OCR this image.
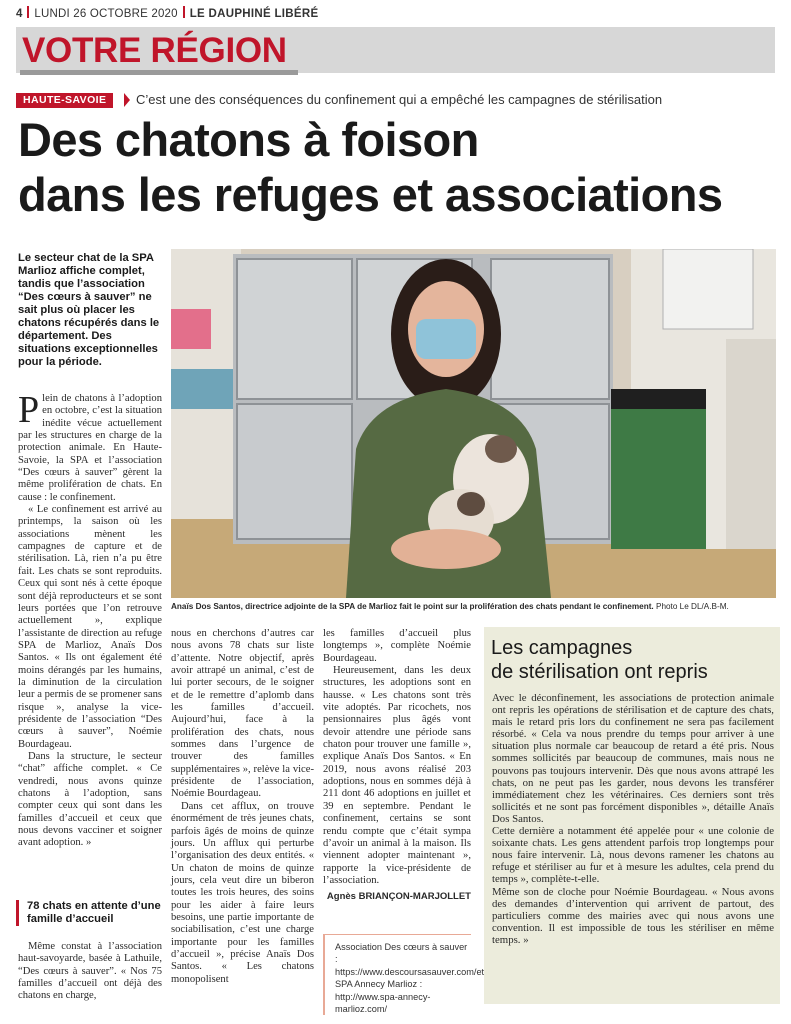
4 LUNDI 26 OCTOBRE 2020 LE DAUPHINÉ LIBÉRÉ
VOTRE RÉGION
HAUTE-SAVOIE	C’est une des conséquences du confinement qui a empêché les campagnes de stérilisation
Des chatons à foison
dans les refuges et associations
Le secteur chat de la SPA Marlioz affiche complet, tandis que l’association “Des cœurs à sauver” ne sait plus où placer les chatons récupérés dans le département. Des situations exceptionnelles pour la période.

Plein de chatons à l’adoption en octobre, c’est la situation inédite vécue actuellement par les structures en charge de la protection animale. En Haute-Savoie, la SPA et l’association “Des cœurs à sauver” gèrent la même prolifération de chats. En cause : le confinement.

« Le confinement est arrivé au printemps, la saison où les associations mènent les campagnes de capture et de stérilisation. Là, rien n’a pu être fait. Les chats se sont reproduits. Ceux qui sont nés à cette époque sont déjà reproducteurs et se sont leurs portées que l’on retrouve actuellement », explique l’assistante de direction au refuge SPA de Marlioz, Anaïs Dos Santos. « Ils ont également été moins dérangés par les humains, la diminution de la circulation leur a permis de se promener sans risque », analyse la vice-présidente de l’association “Des cœurs à sauver”, Noémie Bourdageau.

Dans la structure, le secteur “chat” affiche complet. « Ce vendredi, nous avons quinze chatons à l’adoption, sans compter ceux qui sont dans les familles d’accueil et ceux que nous devons vacciner et soigner avant adoption. »

78 chats en attente d’une famille d’accueil

Même constat à l’association haut-savoyarde, basée à Lathuile, “Des cœurs à sauver”. « Nos 75 familles d’accueil ont déjà des chatons en charge,

Anaïs Dos Santos, directrice adjointe de la SPA de Marlioz fait le point sur la prolifération des chats pendant le confinement. Photo Le DL/A.B-M.

nous en cherchons d’autres car nous avons 78 chats sur liste d’attente. Notre objectif, après avoir attrapé un animal, c’est de lui porter secours, de le soigner et de le remettre d’aplomb dans les familles d’accueil. Aujourd’hui, face à la prolifération des chats, nous sommes dans l’urgence de trouver des familles supplémentaires », relève la vice-présidente de l’association, Noémie Bourdageau.

Dans cet afflux, on trouve énormément de très jeunes chats, parfois âgés de moins de quinze jours. Un afflux qui perturbe l’organisation des deux entités. « Un chaton de moins de quinze jours, cela veut dire un biberon toutes les trois heures, des soins pour les aider à faire leurs besoins, une partie importante de sociabilisation, c’est une charge importante pour les familles d’accueil », précise Anaïs Dos Santos. « Les chatons monopolisent

les familles d’accueil plus longtemps », complète Noémie Bourdageau.

Heureusement, dans les deux structures, les adoptions sont en hausse. « Les chatons sont très vite adoptés. Par ricochets, nos pensionnaires plus âgés vont devoir attendre une période sans chaton pour trouver une famille », explique Anaïs Dos Santos. « En 2019, nous avons réalisé 203 adoptions, nous en sommes déjà à 211 dont 46 adoptions en juillet et 39 en septembre. Pendant le confinement, certains se sont rendu compte que c’était sympa d’avoir un animal à la maison. Ils viennent adopter maintenant », rapporte la vice-présidente de l’association.

Agnès BRIANÇON-MARJOLLET
Association Des cœurs à sauver : https://www.descoursasauver.com/et SPA Annecy Marlioz : http://www.spa-annecy-marlioz.com/
Les campagnes
de stérilisation ont repris

Avec le déconfinement, les associations de protection animale ont repris les opérations de stérilisation et de capture des chats, mais le retard pris lors du confinement ne sera pas facilement résorbé. « Cela va nous prendre du temps pour arriver à une situation plus normale car beaucoup de retard a été pris. Nous sommes sollicités par beaucoup de communes, mais nous ne pouvons pas toujours intervenir. Dès que nous avons attrapé les chats, on ne peut pas les garder, nous devons les transférer immédiatement chez les vétérinaires. Ces derniers sont très sollicités et ne sont pas forcément disponibles », détaille Anaïs Dos Santos.

Cette dernière a notamment été appelée pour « une colonie de soixante chats. Les gens attendent parfois trop longtemps pour nous faire intervenir. Là, nous devons ramener les chatons au refuge et stériliser au fur et à mesure les adultes, cela prend du temps », complète-t-elle.

Même son de cloche pour Noémie Bourdageau. « Nous avons des demandes d’intervention qui arrivent de partout, des particuliers comme des mairies avec qui nous avons une convention. Il est impossible de tous les stériliser en même temps. »
